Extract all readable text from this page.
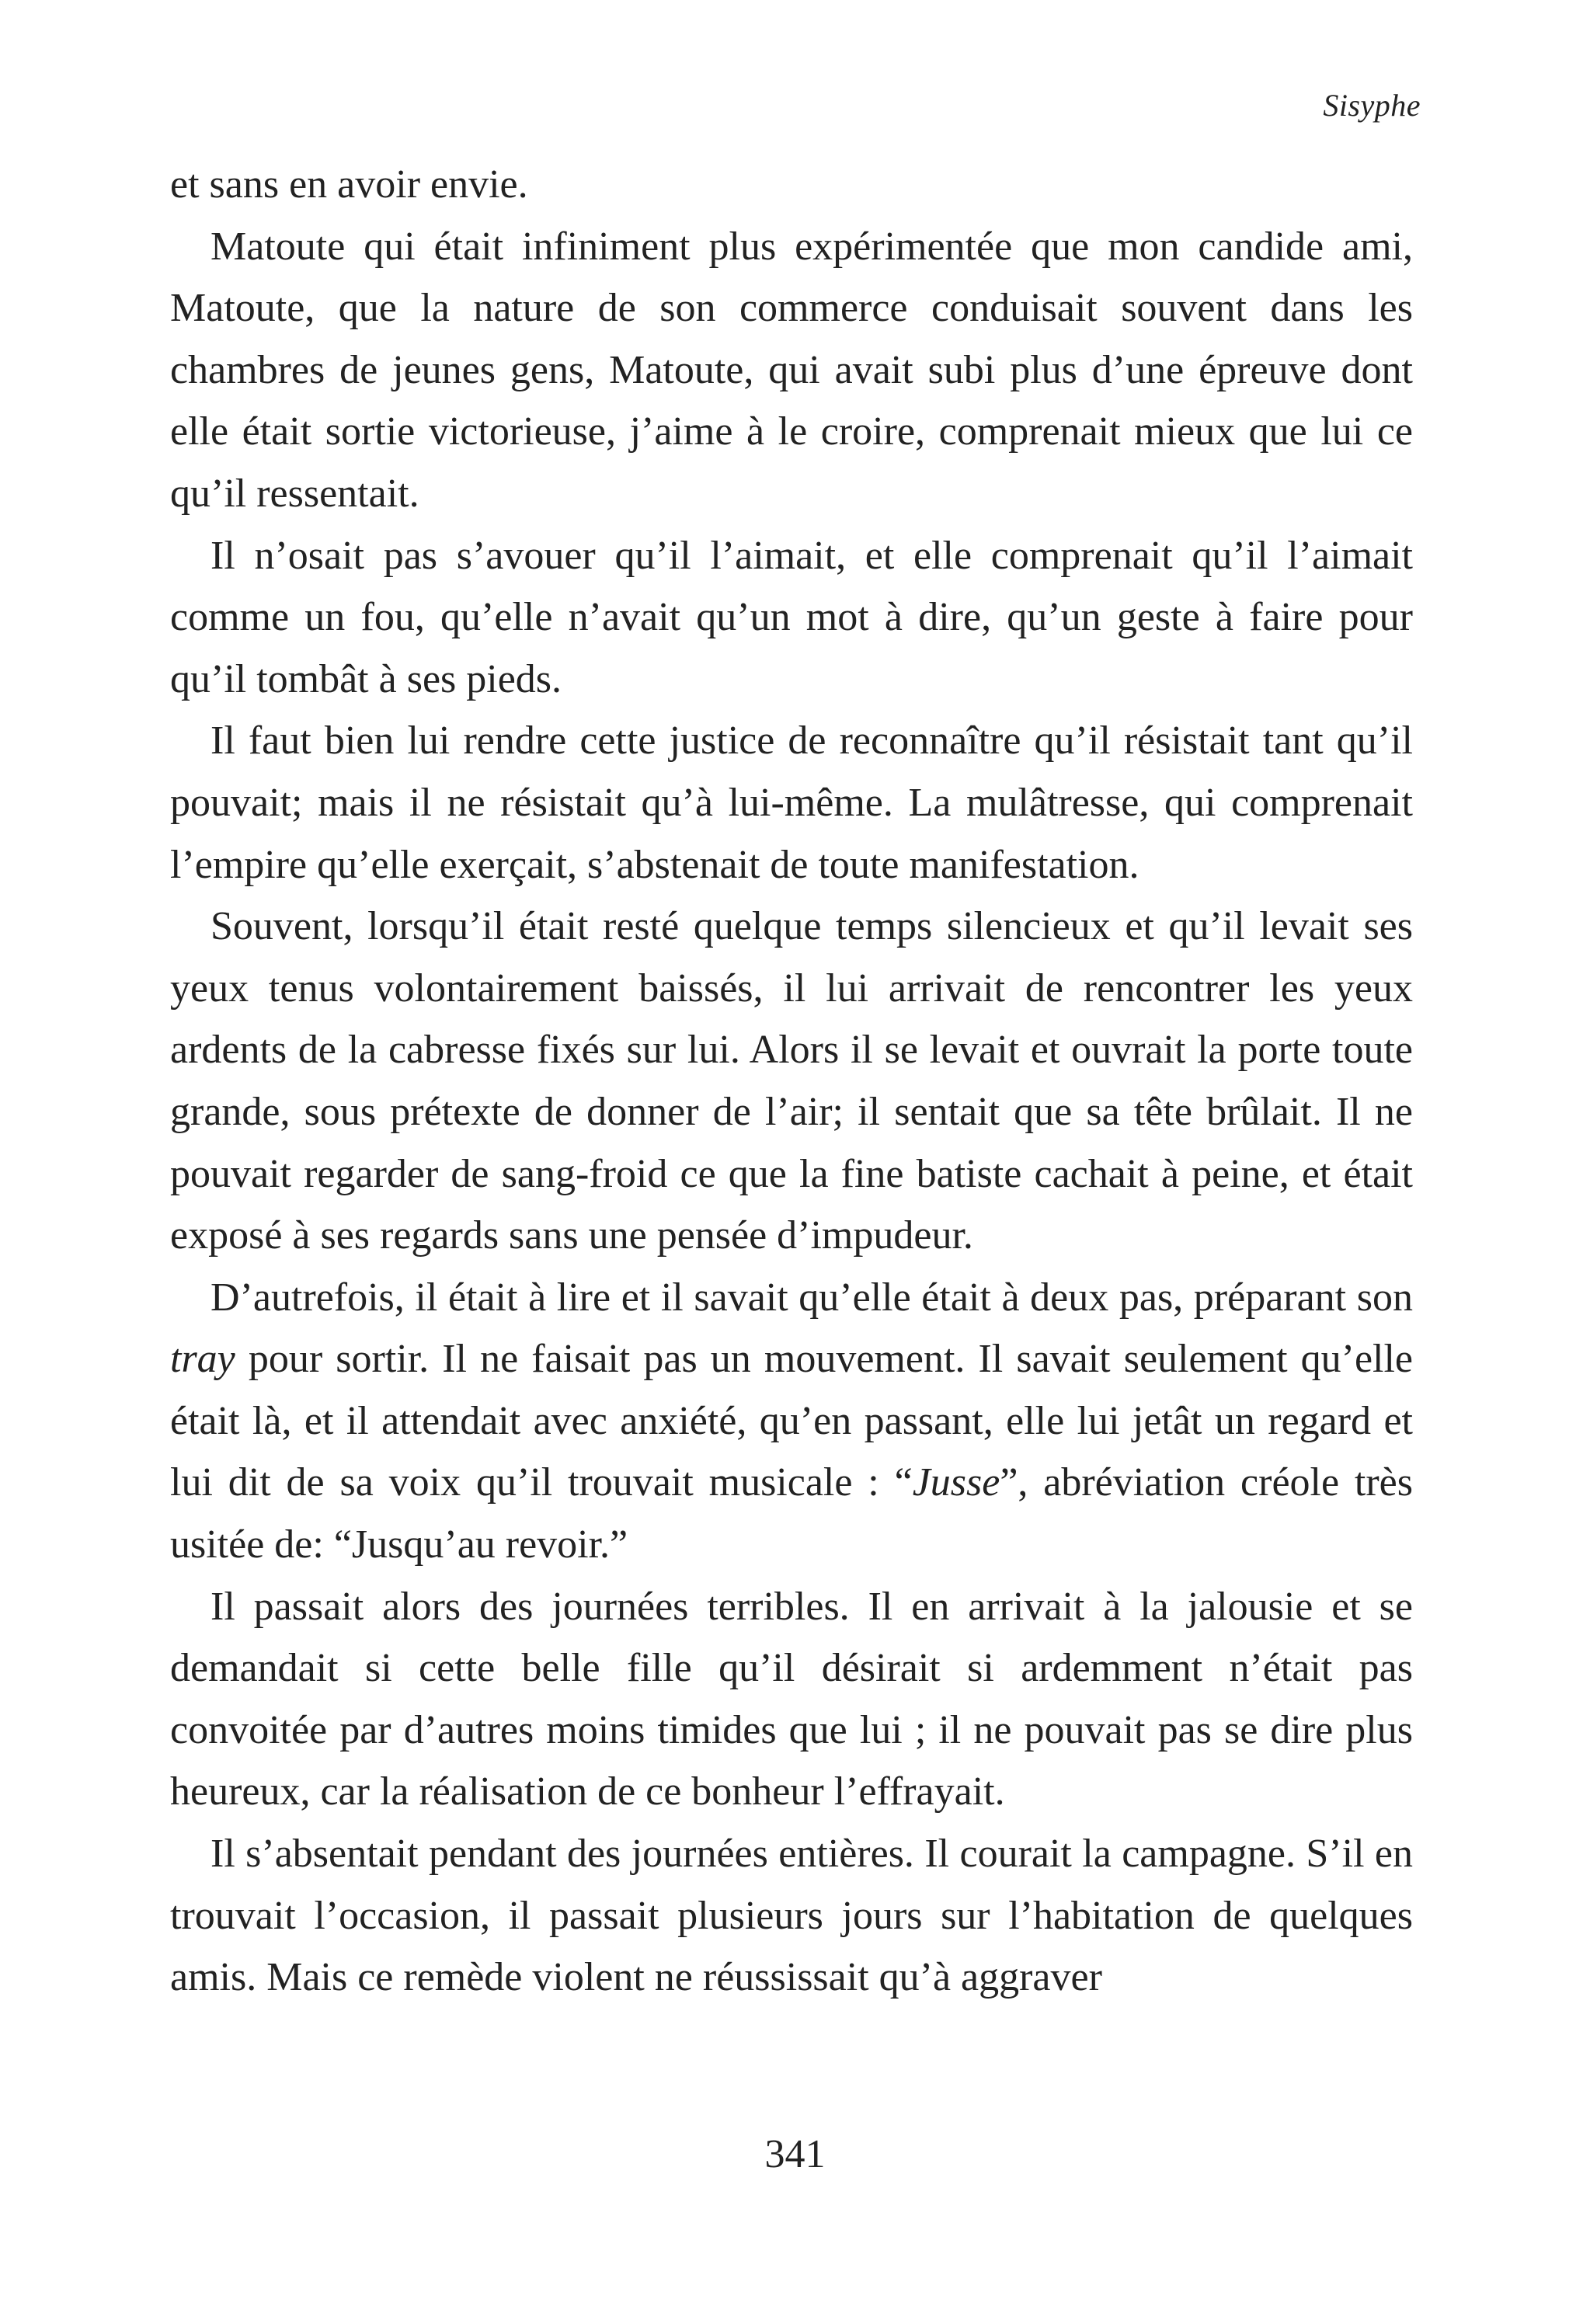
Sisyphe

et sans en avoir envie.

Matoute qui était infiniment plus expérimentée que mon candide ami, Matoute, que la nature de son commerce conduisait souvent dans les chambres de jeunes gens, Matoute, qui avait subi plus d’une épreuve dont elle était sortie victorieuse, j’aime à le croire, comprenait mieux que lui ce qu’il ressentait.

Il n’osait pas s’avouer qu’il l’aimait, et elle comprenait qu’il l’aimait comme un fou, qu’elle n’avait qu’un mot à dire, qu’un geste à faire pour qu’il tombât à ses pieds.

Il faut bien lui rendre cette justice de reconnaître qu’il résistait tant qu’il pouvait; mais il ne résistait qu’à lui-même. La mulâtresse, qui comprenait l’empire qu’elle exerçait, s’abstenait de toute manifestation.

Souvent, lorsqu’il était resté quelque temps silencieux et qu’il levait ses yeux tenus volontairement baissés, il lui arrivait de rencontrer les yeux ardents de la cabresse fixés sur lui. Alors il se levait et ouvrait la porte toute grande, sous prétexte de donner de l’air; il sentait que sa tête brûlait. Il ne pouvait regarder de sang-froid ce que la fine batiste cachait à peine, et était exposé à ses regards sans une pensée d’impudeur.

D’autrefois, il était à lire et il savait qu’elle était à deux pas, préparant son tray pour sortir. Il ne faisait pas un mouvement. Il savait seulement qu’elle était là, et il attendait avec anxiété, qu’en passant, elle lui jetât un regard et lui dit de sa voix qu’il trouvait musicale : “Jusse”, abréviation créole très usitée de: “Jusqu’au revoir.”

Il passait alors des journées terribles. Il en arrivait à la jalousie et se demandait si cette belle fille qu’il désirait si ardemment n’était pas convoitée par d’autres moins timides que lui ; il ne pouvait pas se dire plus heureux, car la réalisation de ce bonheur l’effrayait.

Il s’absentait pendant des journées entières. Il courait la campagne. S’il en trouvait l’occasion, il passait plusieurs jours sur l’habitation de quelques amis. Mais ce remède violent ne réussissait qu’à aggraver

341
